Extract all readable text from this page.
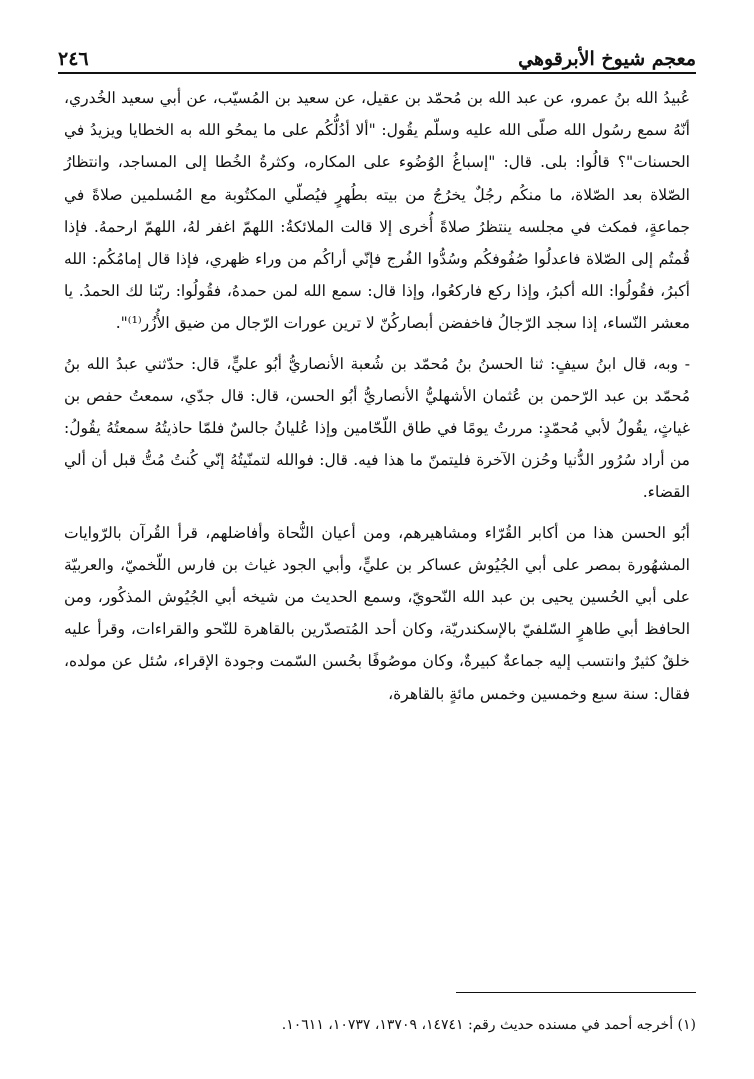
معجم شيوخ الأبرقوهي
٢٤٦

عُبيدُ الله بنُ عمرو، عن عبد الله بن مُحمّد بن عقيل، عن سعيد بن المُسيّب، عن أبي سعيد الخُدري، أنّهُ سمع رسُول الله صلّى الله عليه وسلّم يقُول: "ألا أدُلُّكُم على ما يمحُو الله به الخطايا ويزيدُ في الحسنات"؟ قالُوا: بلى. قال: "إسباغُ الوُضُوء على المكاره، وكثرةُ الخُطا إلى المساجد، وانتظارُ الصّلاة بعد الصّلاة، ما منكُم رجُلٌ يخرُجُ من بيته بطُهرٍ فيُصلّي المكتُوبة مع المُسلمين صلاةً في جماعةٍ، فمكث في مجلسه ينتظرُ صلاةً أُخرى إلا قالت الملائكةُ: اللهمّ اغفر لهُ، اللهمّ ارحمهُ. فإذا قُمتُم إلى الصّلاة فاعدلُوا صُفُوفكُم وسُدُّوا الفُرج فإنّي أراكُم من وراء ظهري، فإذا قال إمامُكُم: الله أكبرُ، فقُولُوا: الله أكبرُ، وإذا ركع فاركعُوا، وإذا قال: سمع الله لمن حمدهُ، فقُولُوا: ربّنا لك الحمدُ. يا معشر النّساء، إذا سجد الرّجالُ فاخفضن أبصاركُنّ لا ترين عورات الرّجال من ضيق الأُزُر⁽¹⁾".

- وبه، قال ابنُ سيفٍ: ثنا الحسنُ بنُ مُحمّد بن شُعبة الأنصاريُّ أبُو عليٍّ، قال: حدّثني عبدُ الله بنُ مُحمّد بن عبد الرّحمن بن عُثمان الأشهليُّ الأنصاريُّ أبُو الحسن، قال: قال جدّي، سمعتُ حفص بن غياثٍ، يقُولُ لأبي مُحمّدٍ: مررتُ يومًا في طاق اللّحّامين وإذا عُليانُ جالسٌ فلمّا حاذيتُهُ سمعتُهُ يقُولُ: من أراد سُرُور الدُّنيا وحُزن الآخرة فليتمنّ ما هذا فيه. قال: فوالله لتمنّيتُهُ إنّي كُنتُ مُتُّ قبل أن ألي القضاء.

أبُو الحسن هذا من أكابر القُرّاء ومشاهيرهم، ومن أعيان النُّحاة وأفاضلهم، قرأ القُرآن بالرّوايات المشهُورة بمصر على أبي الجُيُوش عساكر بن عليٍّ، وأبي الجود غياث بن فارس اللّخميّ، والعربيّة على أبي الحُسين يحيى بن عبد الله النّحويّ، وسمع الحديث من شيخه أبي الجُيُوش المذكُور، ومن الحافظ أبي طاهرٍ السّلفيّ بالإسكندريّة، وكان أحد المُتصدّرين بالقاهرة للنّحو والقراءات، وقرأ عليه خلقٌ كثيرٌ وانتسب إليه جماعةٌ كبيرةٌ، وكان موصُوفًا بحُسن السّمت وجودة الإقراء، سُئل عن مولده، فقال: سنة سبع وخمسين وخمس مائةٍ بالقاهرة،

(١) أخرجه أحمد في مسنده حديث رقم: ١٤٧٤١، ١٣٧٠٩، ١٠٧٣٧، ١٠٦١١.
